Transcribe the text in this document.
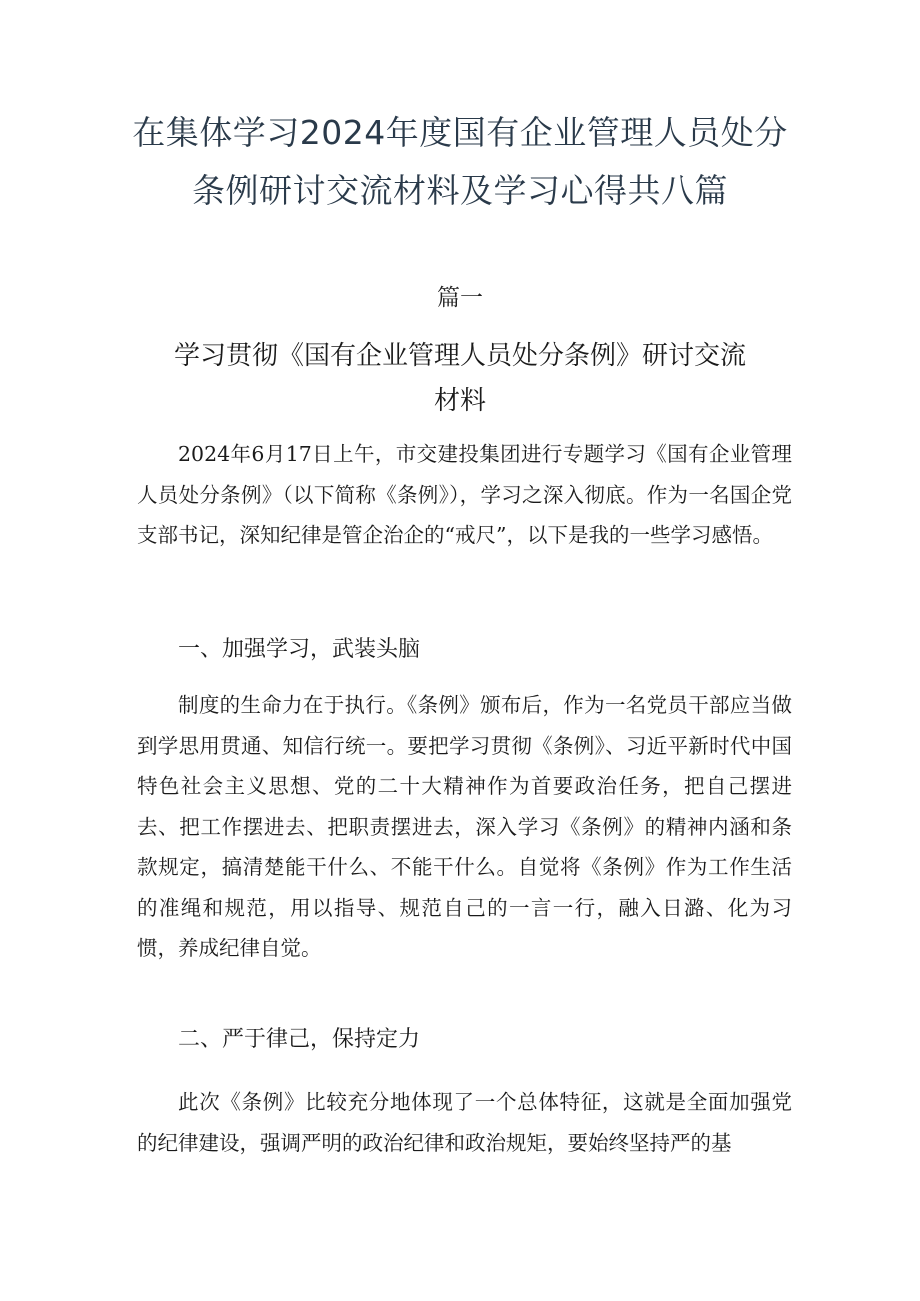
在集体学习2024年度国有企业管理人员处分条例研讨交流材料及学习心得共八篇
篇一
学习贯彻《国有企业管理人员处分条例》研讨交流材料

2024年6月17日上午，市交建投集团进行专题学习《国有企业管理人员处分条例》（以下简称《条例》），学习之深入彻底。作为一名国企党支部书记，深知纪律是管企治企的“戒尺”，以下是我的一些学习感悟。

一、加强学习，武装头脑

制度的生命力在于执行。《条例》颁布后，作为一名党员干部应当做到学思用贯通、知信行统一。要把学习贯彻《条例》、习近平新时代中国特色社会主义思想、党的二十大精神作为首要政治任务，把自己摆进去、把工作摆进去、把职责摆进去，深入学习《条例》的精神内涵和条款规定，搞清楚能干什么、不能干什么。自觉将《条例》作为工作生活的准绳和规范，用以指导、规范自己的一言一行，融入日潞、化为习惯，养成纪律自觉。

二、严于律己，保持定力

此次《条例》比较充分地体现了一个总体特征，这就是全面加强党的纪律建设，强调严明的政治纪律和政治规矩，要始终坚持严的基
